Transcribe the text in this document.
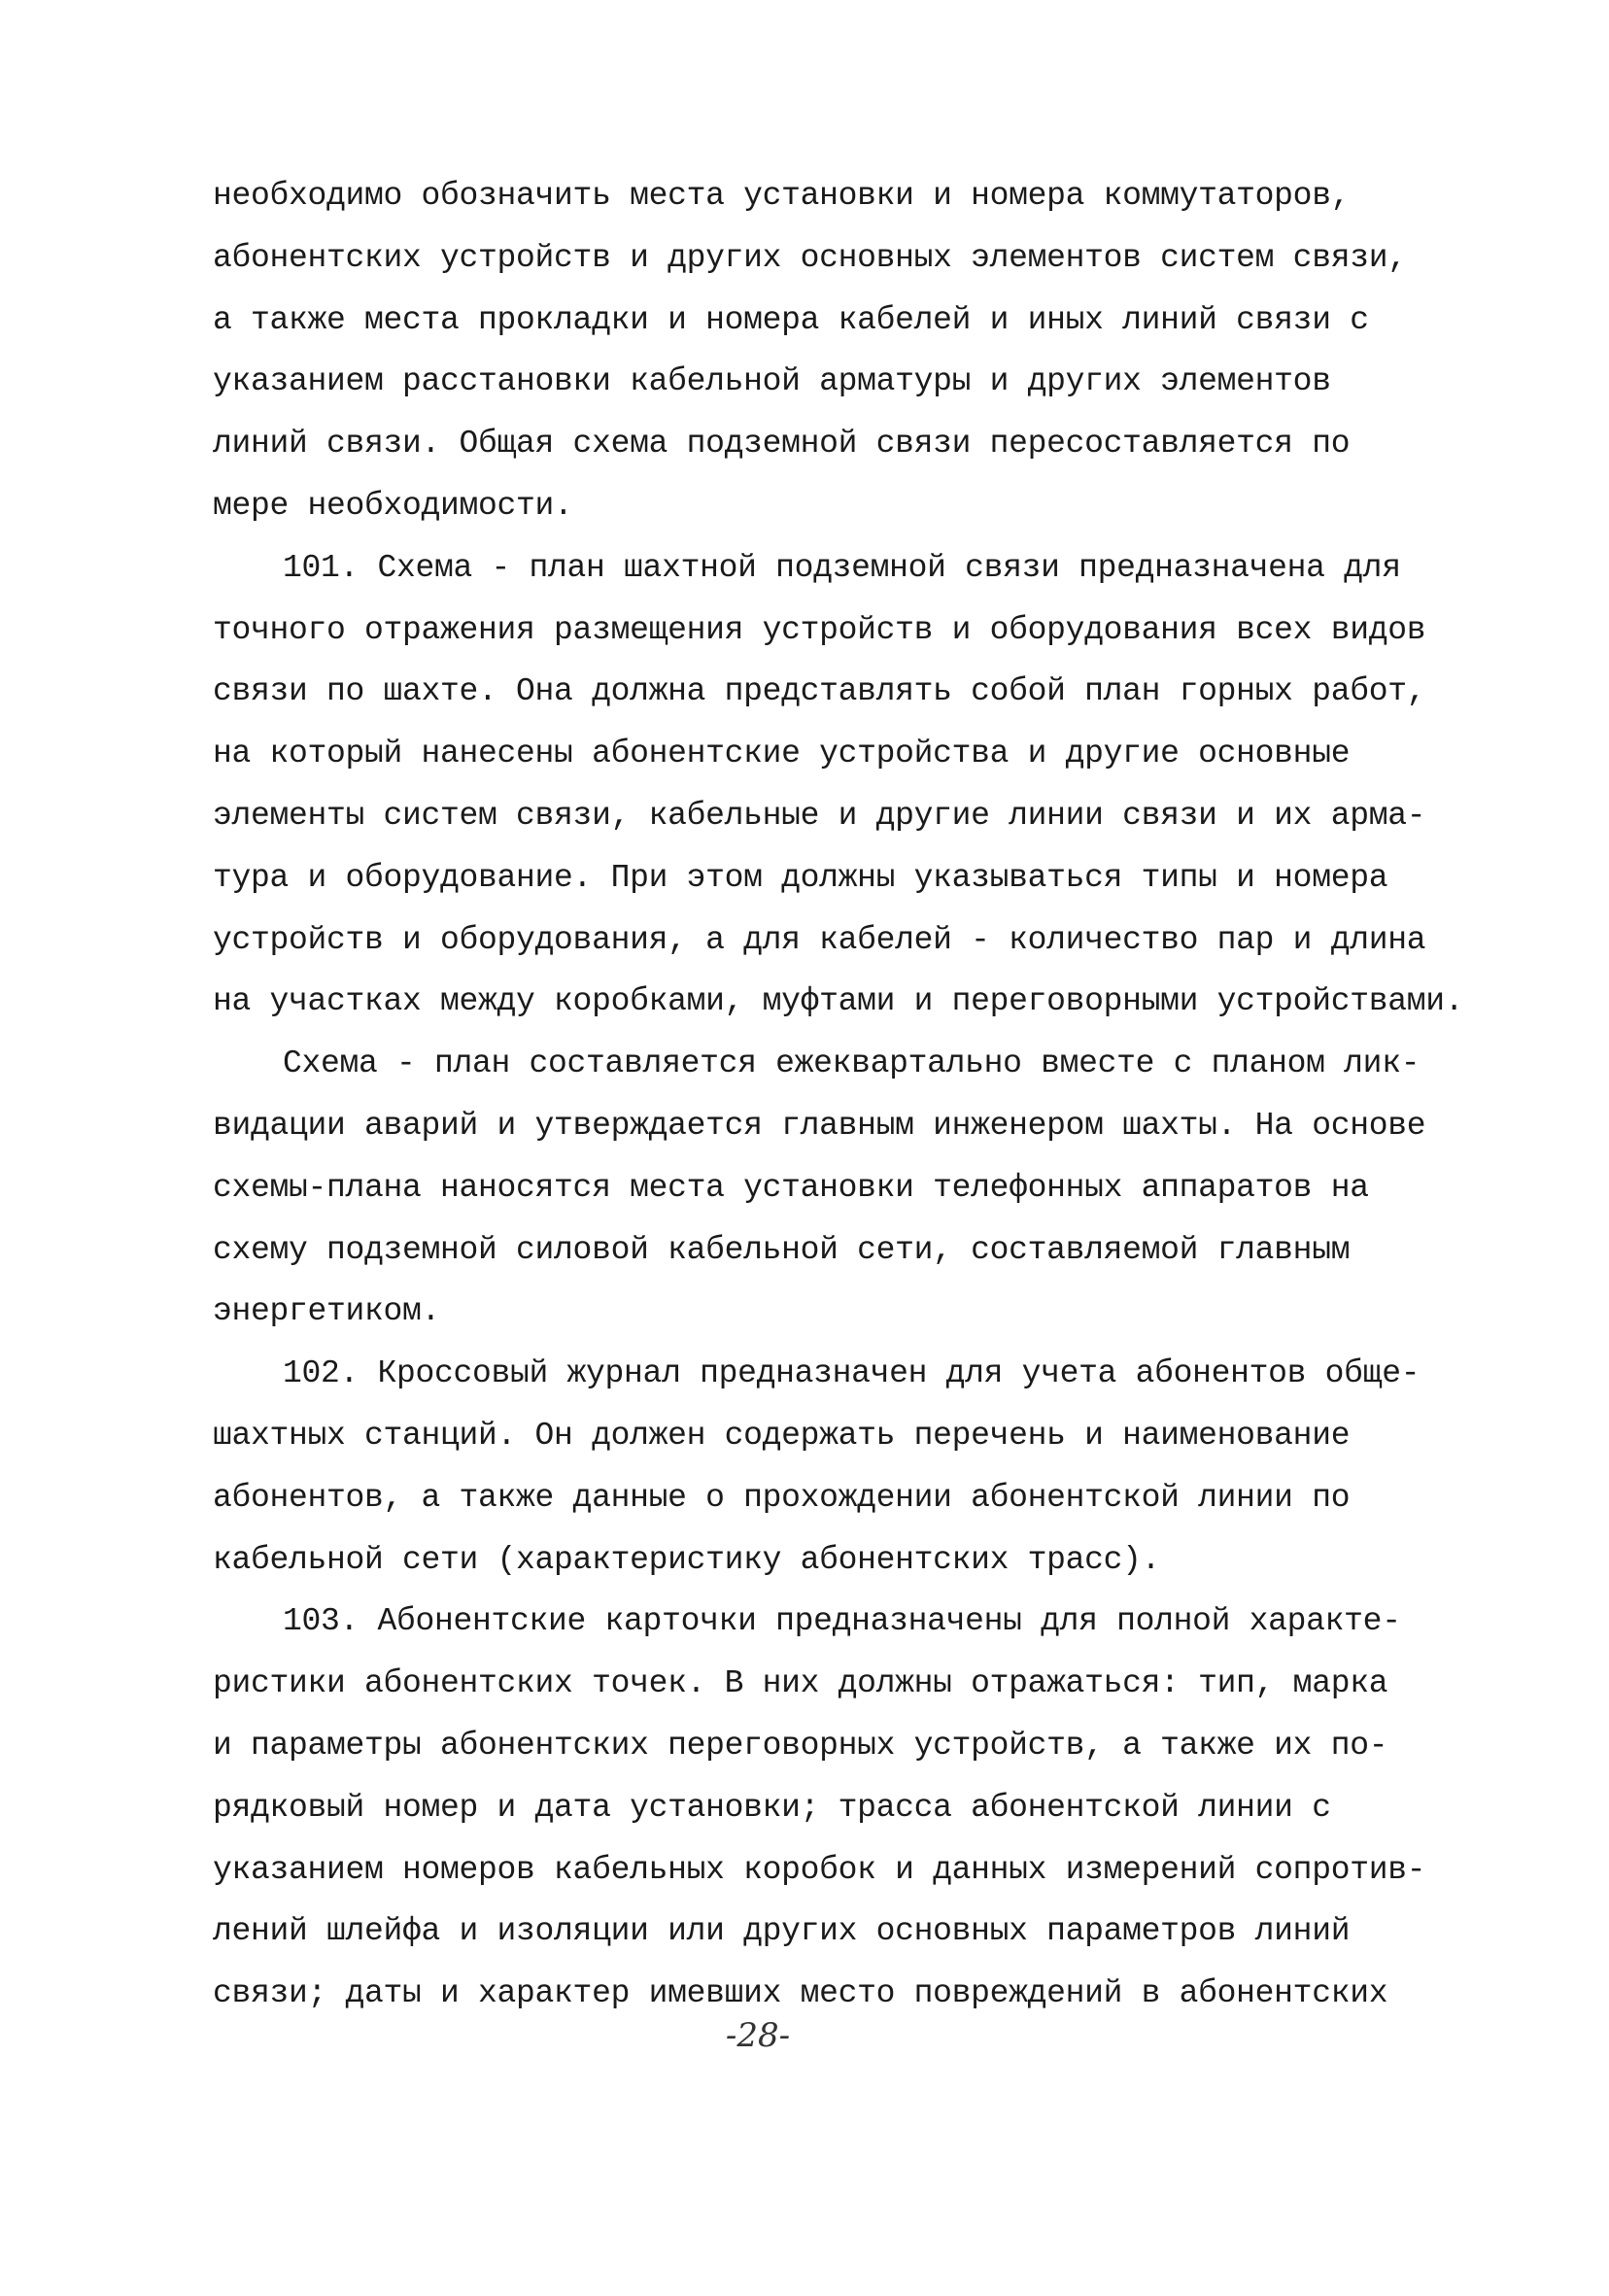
необходимо обозначить места установки и номера коммутаторов,
абонентских устройств и других основных элементов систем связи,
а также места прокладки и номера кабелей и иных линий связи с
указанием расстановки кабельной арматуры и других элементов
линий связи. Общая схема подземной связи пересоставляется по
мере необходимости.
101. Схема - план шахтной подземной связи предназначена для
точного отражения размещения устройств и оборудования всех видов
связи по шахте. Она должна представлять собой план горных работ,
на который нанесены абонентские устройства и другие основные
элементы систем связи, кабельные и другие линии связи и их арма-
тура и оборудование. При этом должны указываться типы и номера
устройств и оборудования, а для кабелей - количество пар и длина
на участках между коробками, муфтами и переговорными устройствами.
Схема - план составляется ежеквартально вместе с планом лик-
видации аварий и утверждается главным инженером шахты. На основе
схемы-плана наносятся места установки телефонных аппаратов на
схему подземной силовой кабельной сети, составляемой главным
энергетиком.
102. Кроссовый журнал предназначен для учета абонентов обще-
шахтных станций. Он должен содержать перечень и наименование
абонентов, а также данные о прохождении абонентской линии по
кабельной сети (характеристику абонентских трасс).
103. Абонентские карточки предназначены для полной характе-
ристики абонентских точек. В них должны отражаться: тип, марка
и параметры абонентских переговорных устройств, а также их по-
рядковый номер и дата установки; трасса абонентской линии с
указанием номеров кабельных коробок и данных измерений сопротив-
лений шлейфа и изоляции или других основных параметров линий
связи; даты и характер имевших место повреждений в абонентских
-28-
